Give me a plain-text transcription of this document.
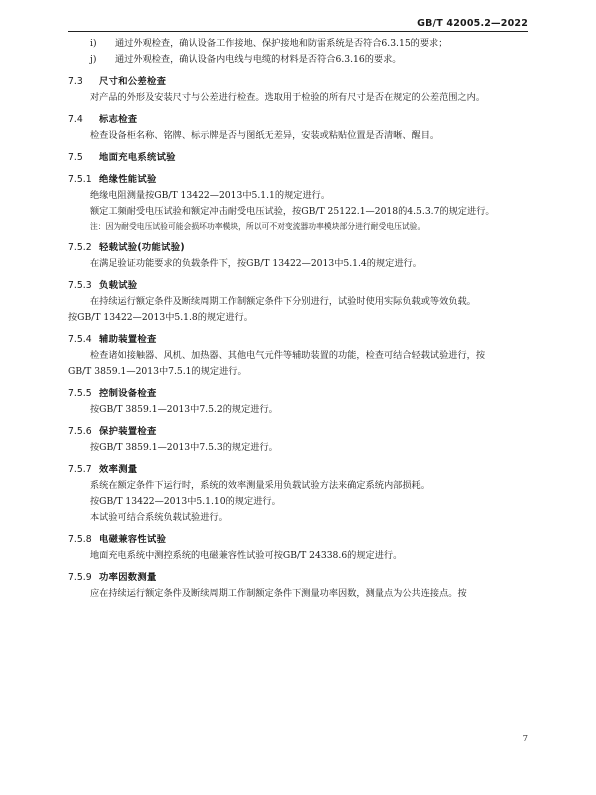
GB/T 42005.2—2022
i)	通过外观检查，确认设备工作接地、保护接地和防雷系统是否符合6.3.15的要求；
j)	通过外观检查，确认设备内电线与电缆的材料是否符合6.3.16的要求。
7.3	尺寸和公差检查
对产品的外形及安装尺寸与公差进行检查。选取用于检验的所有尺寸是否在规定的公差范围之内。
7.4	标志检查
检查设备柜名称、铭牌、标示牌是否与图纸无差异，安装或粘贴位置是否清晰、醒目。
7.5	地面充电系统试验
7.5.1 绝缘性能试验
绝缘电阻测量按GB/T 13422—2013中5.1.1的规定进行。
额定工频耐受电压试验和额定冲击耐受电压试验，按GB/T 25122.1—2018的4.5.3.7的规定进行。
注：因为耐受电压试验可能会损坏功率模块，所以可不对变流器功率模块部分进行耐受电压试验。
7.5.2 轻载试验(功能试验)
在满足验证功能要求的负载条件下，按GB/T 13422—2013中5.1.4的规定进行。
7.5.3 负载试验
在持续运行额定条件及断续周期工作制额定条件下分别进行，试验时使用实际负载或等效负载。
按GB/T 13422—2013中5.1.8的规定进行。
7.5.4 辅助装置检查
检查诸如接触器、风机、加热器、其他电气元件等辅助装置的功能，检查可结合轻载试验进行，按
GB/T 3859.1—2013中7.5.1的规定进行。
7.5.5 控制设备检查
按GB/T 3859.1—2013中7.5.2的规定进行。
7.5.6 保护装置检查
按GB/T 3859.1—2013中7.5.3的规定进行。
7.5.7 效率测量
系统在额定条件下运行时，系统的效率测量采用负载试验方法来确定系统内部损耗。
按GB/T 13422—2013中5.1.10的规定进行。
本试验可结合系统负载试验进行。
7.5.8 电磁兼容性试验
地面充电系统中测控系统的电磁兼容性试验可按GB/T 24338.6的规定进行。
7.5.9 功率因数测量
应在持续运行额定条件及断续周期工作制额定条件下测量功率因数，测量点为公共连接点。按
7
